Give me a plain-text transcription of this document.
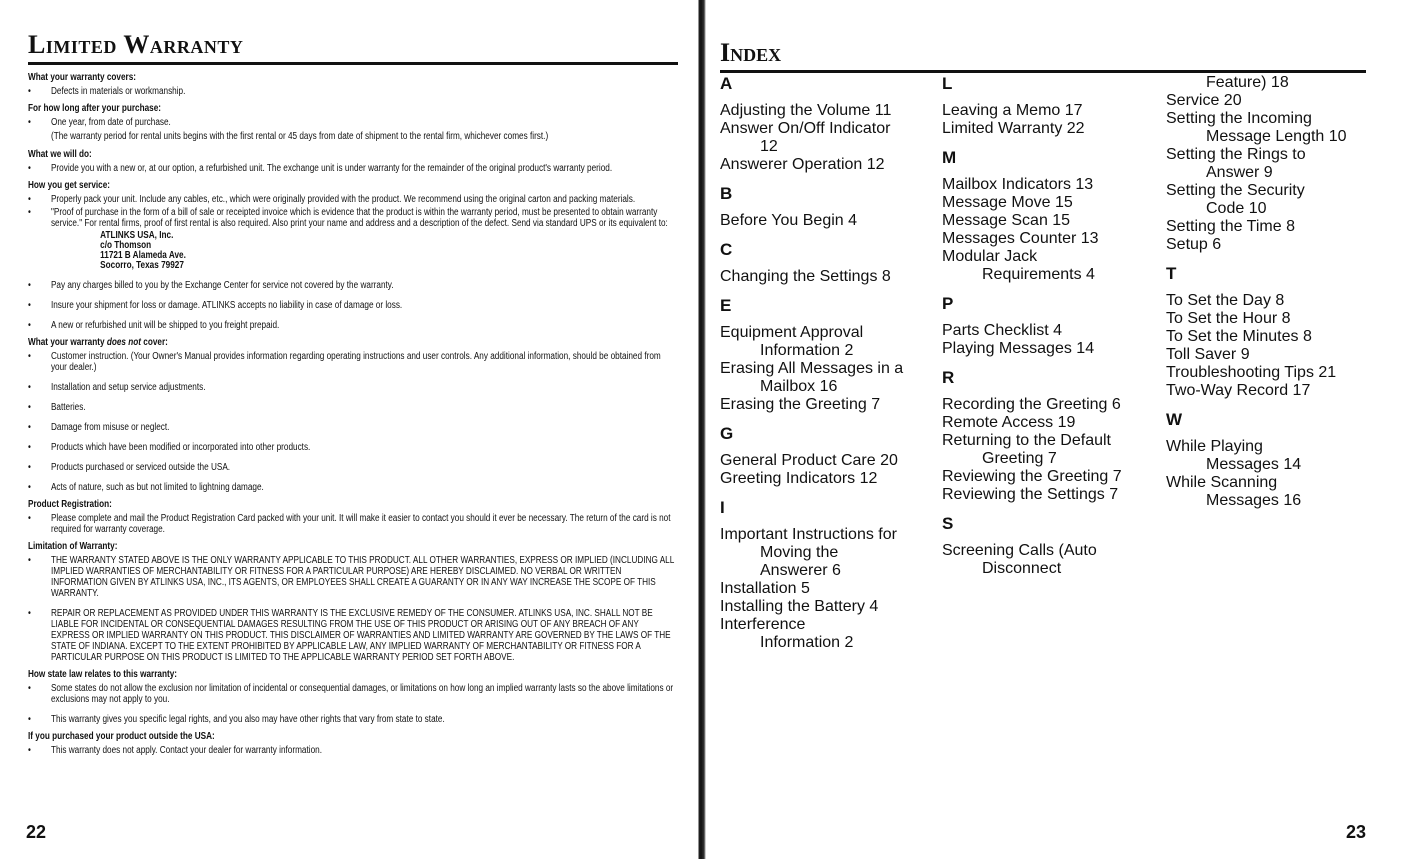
Limited Warranty
What your warranty covers:
• Defects in materials or workmanship.
For how long after your purchase:
• One year, from date of purchase.
(The warranty period for rental units begins with the first rental or 45 days from date of shipment to the rental firm, whichever comes first.)
What we will do:
• Provide you with a new or, at our option, a refurbished unit. The exchange unit is under warranty for the remainder of the original product's warranty period.
How you get service:
• Properly pack your unit. Include any cables, etc., which were originally provided with the product. We recommend using the original carton and packing materials.
• "Proof of purchase in the form of a bill of sale or receipted invoice which is evidence that the product is within the warranty period, must be presented to obtain warranty service." For rental firms, proof of first rental is also required. Also print your name and address and a description of the defect. Send via standard UPS or its equivalent to:
ATLINKS USA, Inc.
c/o Thomson
11721 B Alameda Ave.
Socorro, Texas 79927
• Pay any charges billed to you by the Exchange Center for service not covered by the warranty.
• Insure your shipment for loss or damage. ATLINKS accepts no liability in case of damage or loss.
• A new or refurbished unit will be shipped to you freight prepaid.
What your warranty does not cover:
• Customer instruction. (Your Owner's Manual provides information regarding operating instructions and user controls. Any additional information, should be obtained from your dealer.)
• Installation and setup service adjustments.
• Batteries.
• Damage from misuse or neglect.
• Products which have been modified or incorporated into other products.
• Products purchased or serviced outside the USA.
• Acts of nature, such as but not limited to lightning damage.
Product Registration:
• Please complete and mail the Product Registration Card packed with your unit. It will make it easier to contact you should it ever be necessary. The return of the card is not required for warranty coverage.
Limitation of Warranty:
• THE WARRANTY STATED ABOVE IS THE ONLY WARRANTY APPLICABLE TO THIS PRODUCT. ALL OTHER WARRANTIES, EXPRESS OR IMPLIED (INCLUDING ALL IMPLIED WARRANTIES OF MERCHANTABILITY OR FITNESS FOR A PARTICULAR PURPOSE) ARE HEREBY DISCLAIMED. NO VERBAL OR WRITTEN INFORMATION GIVEN BY ATLINKS USA, INC., ITS AGENTS, OR EMPLOYEES SHALL CREATE A GUARANTY OR IN ANY WAY INCREASE THE SCOPE OF THIS WARRANTY.
• REPAIR OR REPLACEMENT AS PROVIDED UNDER THIS WARRANTY IS THE EXCLUSIVE REMEDY OF THE CONSUMER. ATLINKS USA, INC. SHALL NOT BE LIABLE FOR INCIDENTAL OR CONSEQUENTIAL DAMAGES RESULTING FROM THE USE OF THIS PRODUCT OR ARISING OUT OF ANY BREACH OF ANY EXPRESS OR IMPLIED WARRANTY ON THIS PRODUCT. THIS DISCLAIMER OF WARRANTIES AND LIMITED WARRANTY ARE GOVERNED BY THE LAWS OF THE STATE OF INDIANA. EXCEPT TO THE EXTENT PROHIBITED BY APPLICABLE LAW, ANY IMPLIED WARRANTY OF MERCHANTABILITY OR FITNESS FOR A PARTICULAR PURPOSE ON THIS PRODUCT IS LIMITED TO THE APPLICABLE WARRANTY PERIOD SET FORTH ABOVE.
How state law relates to this warranty:
• Some states do not allow the exclusion nor limitation of incidental or consequential damages, or limitations on how long an implied warranty lasts so the above limitations or exclusions may not apply to you.
• This warranty gives you specific legal rights, and you also may have other rights that vary from state to state.
If you purchased your product outside the USA:
• This warranty does not apply. Contact your dealer for warranty information.
22
Index
A
Adjusting the Volume 11
Answer On/Off Indicator
12
Answerer Operation 12
B
Before You Begin 4
C
Changing the Settings 8
E
Equipment Approval
Information 2
Erasing All Messages in a
Mailbox 16
Erasing the Greeting 7
G
General Product Care 20
Greeting Indicators 12
I
Important Instructions for
Moving the
Answerer 6
Installation 5
Installing the Battery 4
Interference
Information 2
L
Leaving a Memo 17
Limited Warranty 22
M
Mailbox Indicators 13
Message Move 15
Message Scan 15
Messages Counter 13
Modular Jack
Requirements 4
P
Parts Checklist 4
Playing Messages 14
R
Recording the Greeting 6
Remote Access 19
Returning to the Default
Greeting 7
Reviewing the Greeting 7
Reviewing the Settings 7
S
Screening Calls (Auto
Disconnect
Feature) 18
Service 20
Setting the Incoming
Message Length 10
Setting the Rings to
Answer 9
Setting the Security
Code 10
Setting the Time 8
Setup 6
T
To Set the Day 8
To Set the Hour 8
To Set the Minutes 8
Toll Saver 9
Troubleshooting Tips 21
Two-Way Record 17
W
While Playing
Messages 14
While Scanning
Messages 16
23
